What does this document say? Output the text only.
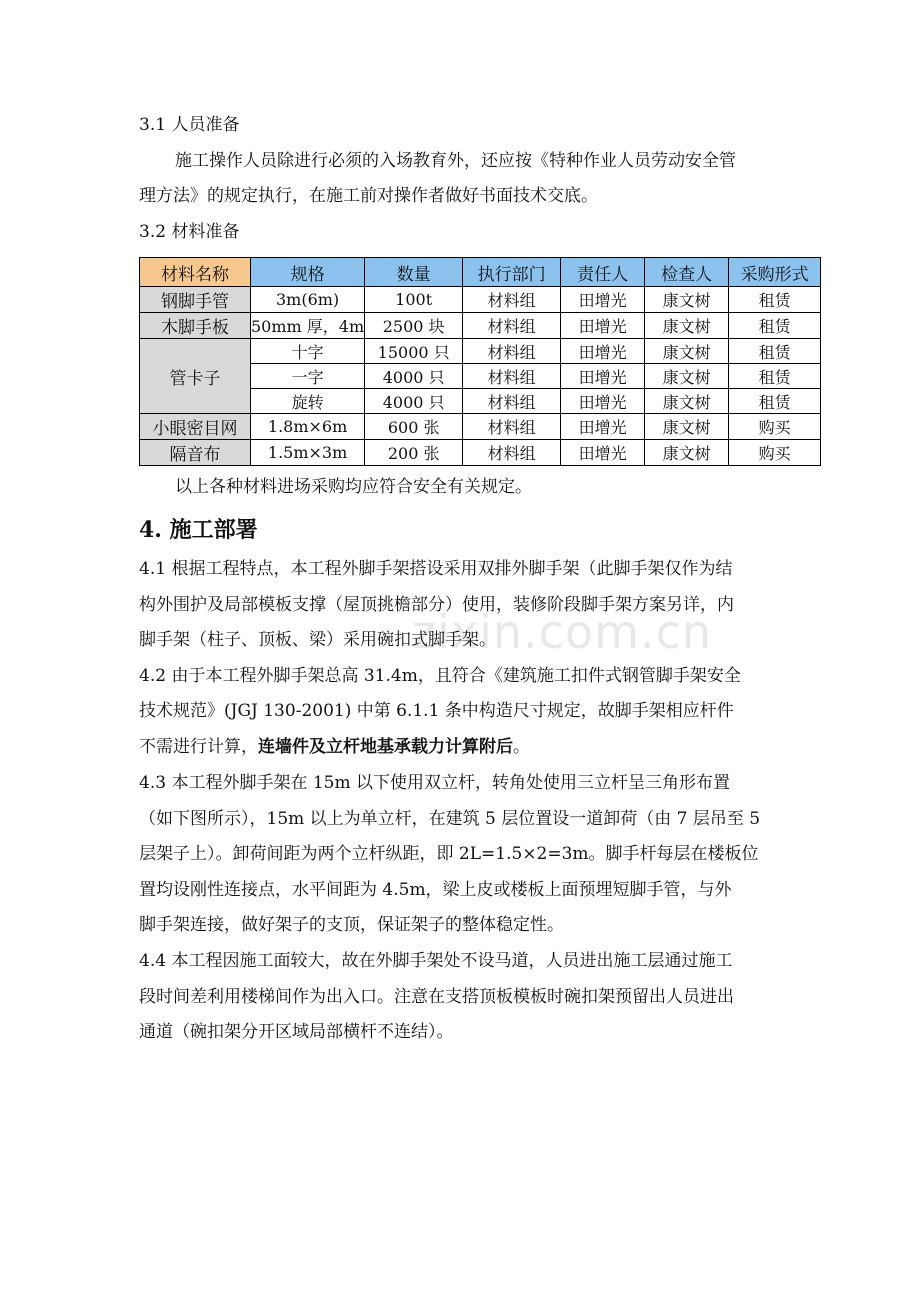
zixin.com.cn
3.1 人员准备
施工操作人员除进行必须的入场教育外，还应按《特种作业人员劳动安全管
理方法》的规定执行，在施工前对操作者做好书面技术交底。
3.2 材料准备
材料名称	规格	数量	执行部门	责任人	检查人	采购形式
钢脚手管	3m(6m)	100t	材料组	田增光	康文树	租赁
木脚手板	50mm 厚，4m	2500 块	材料组	田增光	康文树	租赁
管卡子	十字	15000 只	材料组	田增光	康文树	租赁
	一字	4000 只	材料组	田增光	康文树	租赁
	旋转	4000 只	材料组	田增光	康文树	租赁
小眼密目网	1.8m×6m	600 张	材料组	田增光	康文树	购买
隔音布	1.5m×3m	200 张	材料组	田增光	康文树	购买
以上各种材料进场采购均应符合安全有关规定。
4. 施工部署
4.1 根据工程特点，本工程外脚手架搭设采用双排外脚手架（此脚手架仅作为结
构外围护及局部模板支撑（屋顶挑檐部分）使用，装修阶段脚手架方案另详，内
脚手架（柱子、顶板、梁）采用碗扣式脚手架。
4.2 由于本工程外脚手架总高 31.4m，且符合《建筑施工扣件式钢管脚手架安全
技术规范》(JGJ 130-2001) 中第 6.1.1 条中构造尺寸规定，故脚手架相应杆件
不需进行计算，连墙件及立杆地基承载力计算附后。
4.3 本工程外脚手架在 15m 以下使用双立杆，转角处使用三立杆呈三角形布置
（如下图所示），15m 以上为单立杆，在建筑 5 层位置设一道卸荷（由 7 层吊至 5
层架子上）。卸荷间距为两个立杆纵距，即 2L=1.5×2=3m。脚手杆每层在楼板位
置均设刚性连接点，水平间距为 4.5m，梁上皮或楼板上面预埋短脚手管，与外
脚手架连接，做好架子的支顶，保证架子的整体稳定性。
4.4 本工程因施工面较大，故在外脚手架处不设马道，人员进出施工层通过施工
段时间差利用楼梯间作为出入口。注意在支搭顶板模板时碗扣架预留出人员进出
通道（碗扣架分开区域局部横杆不连结）。
